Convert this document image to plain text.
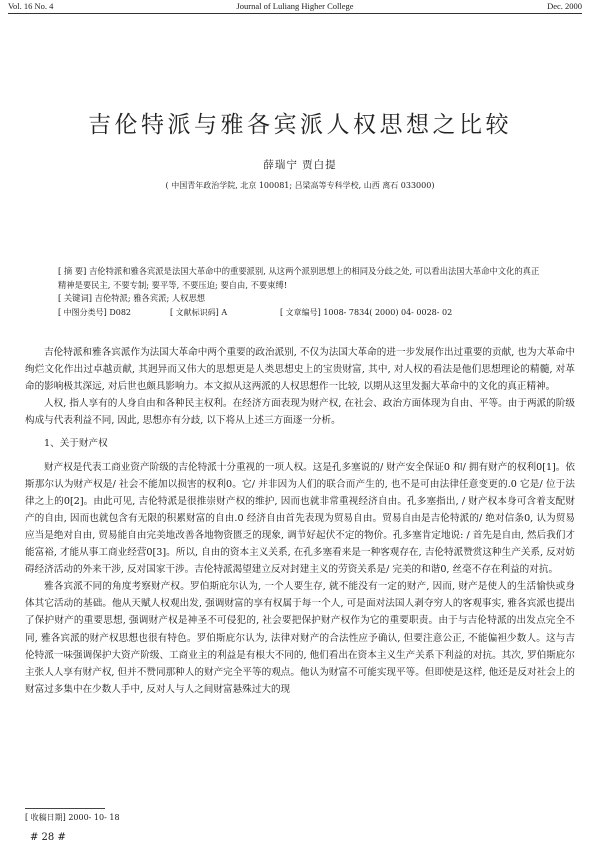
Vol. 16 No. 4	Journal of Luliang Higher College	Dec. 2000
吉伦特派与雅各宾派人权思想之比较
薛瑞宁 贾白提
( 中国青年政治学院, 北京 100081; 吕梁高等专科学校, 山西 离石 033000)

[ 摘 要] 吉伦特派和雅各宾派是法国大革命中的重要派别, 从这两个派别思想上的相同及分歧之处, 可以看出法国大革命中文化的真正精神是要民主, 不要专制; 要平等, 不要压迫; 要自由, 不要束缚!

[ 关键词] 吉伦特派; 雅各宾派; 人权思想

[ 中图分类号] D082	[ 文献标识码] A	[ 文章编号] 1008- 7834( 2000) 04- 0028- 02

吉伦特派和雅各宾派作为法国大革命中两个重要的政治派别, 不仅为法国大革命的进一步发展作出过重要的贡献, 也为大革命中绚烂文化作出过卓越贡献, 其迥异而又伟大的思想更是人类思想史上的宝贵财富, 其中, 对人权的看法是他们思想理论的精髓, 对革命的影响极其深远, 对后世也颇具影响力。本文拟从这两派的人权思想作一比较, 以期从这里发掘大革命中的文化的真正精神。

人权, 指人享有的人身自由和各种民主权利。在经济方面表现为财产权, 在社会、政治方面体现为自由、平等。由于两派的阶级构成与代表利益不同, 因此, 思想亦有分歧, 以下将从上述三方面逐一分析。

1、关于财产权

财产权是代表工商业资产阶级的吉伦特派十分重视的一项人权。这是孔多塞说的/ 财产安全保证0 和/ 拥有财产的权利0[1]。依斯那尔认为财产权是/ 社会不能加以损害的权利0。它/ 并非因为人们的联合而产生的, 也不是可由法律任意变更的.0 它是/ 位于法律之上的0[2]。由此可见, 吉伦特派是很推崇财产权的维护, 因而也就非常重视经济自由。孔多塞指出, / 财产权本身可含着支配财产的自由, 因而也就包含有无限的积累财富的自由.0 经济自由首先表现为贸易自由。贸易自由是吉伦特派的/ 绝对信条0, 认为贸易应当是绝对自由, 贸易能自由完美地改善各地物资匮乏的现象, 调节好起伏不定的物价。孔多塞肯定地说: / 首先是自由, 然后我们才能富裕, 才能从事工商业经营0[3]。所以, 自由的资本主义关系, 在孔多塞看来是一种客观存在, 吉伦特派赞赏这种生产关系, 反对妨碍经济活动的外来干涉, 反对国家干涉。吉伦特派渴望建立反对封建主义的劳资关系是/ 完美的和谐0, 丝毫不存在利益的对抗。

雅各宾派不同的角度考察财产权。罗伯斯庇尔认为, 一个人要生存, 就不能没有一定的财产, 因而, 财产是使人的生活愉快或身体其它活动的基础。他从天赋人权观出发, 强调财富的享有权属于每一个人, 可是面对法国人剥夺穷人的客观事实, 雅各宾派也提出了保护财产的重要思想, 强调财产权是神圣不可侵犯的, 社会要把保护财产权作为它的重要职责。由于与吉伦特派的出发点完全不同, 雅各宾派的财产权思想也很有特色。罗伯斯庇尔认为, 法律对财产的合法性应予确认, 但要注意公正, 不能偏袒少数人。这与吉伦特派一味强调保护大资产阶级、工商业主的利益是有根大不同的, 他们看出在资本主义生产关系下利益的对抗。其次, 罗伯斯庇尔主张人人享有财产权, 但并不赞同那种人的财产完全平等的观点。他认为财富不可能实现平等。但即使是这样, 他还是反对社会上的财富过多集中在少数人手中, 反对人与人之间财富悬殊过大的现

[ 收稿日期] 2000- 10- 18
# 28 #
